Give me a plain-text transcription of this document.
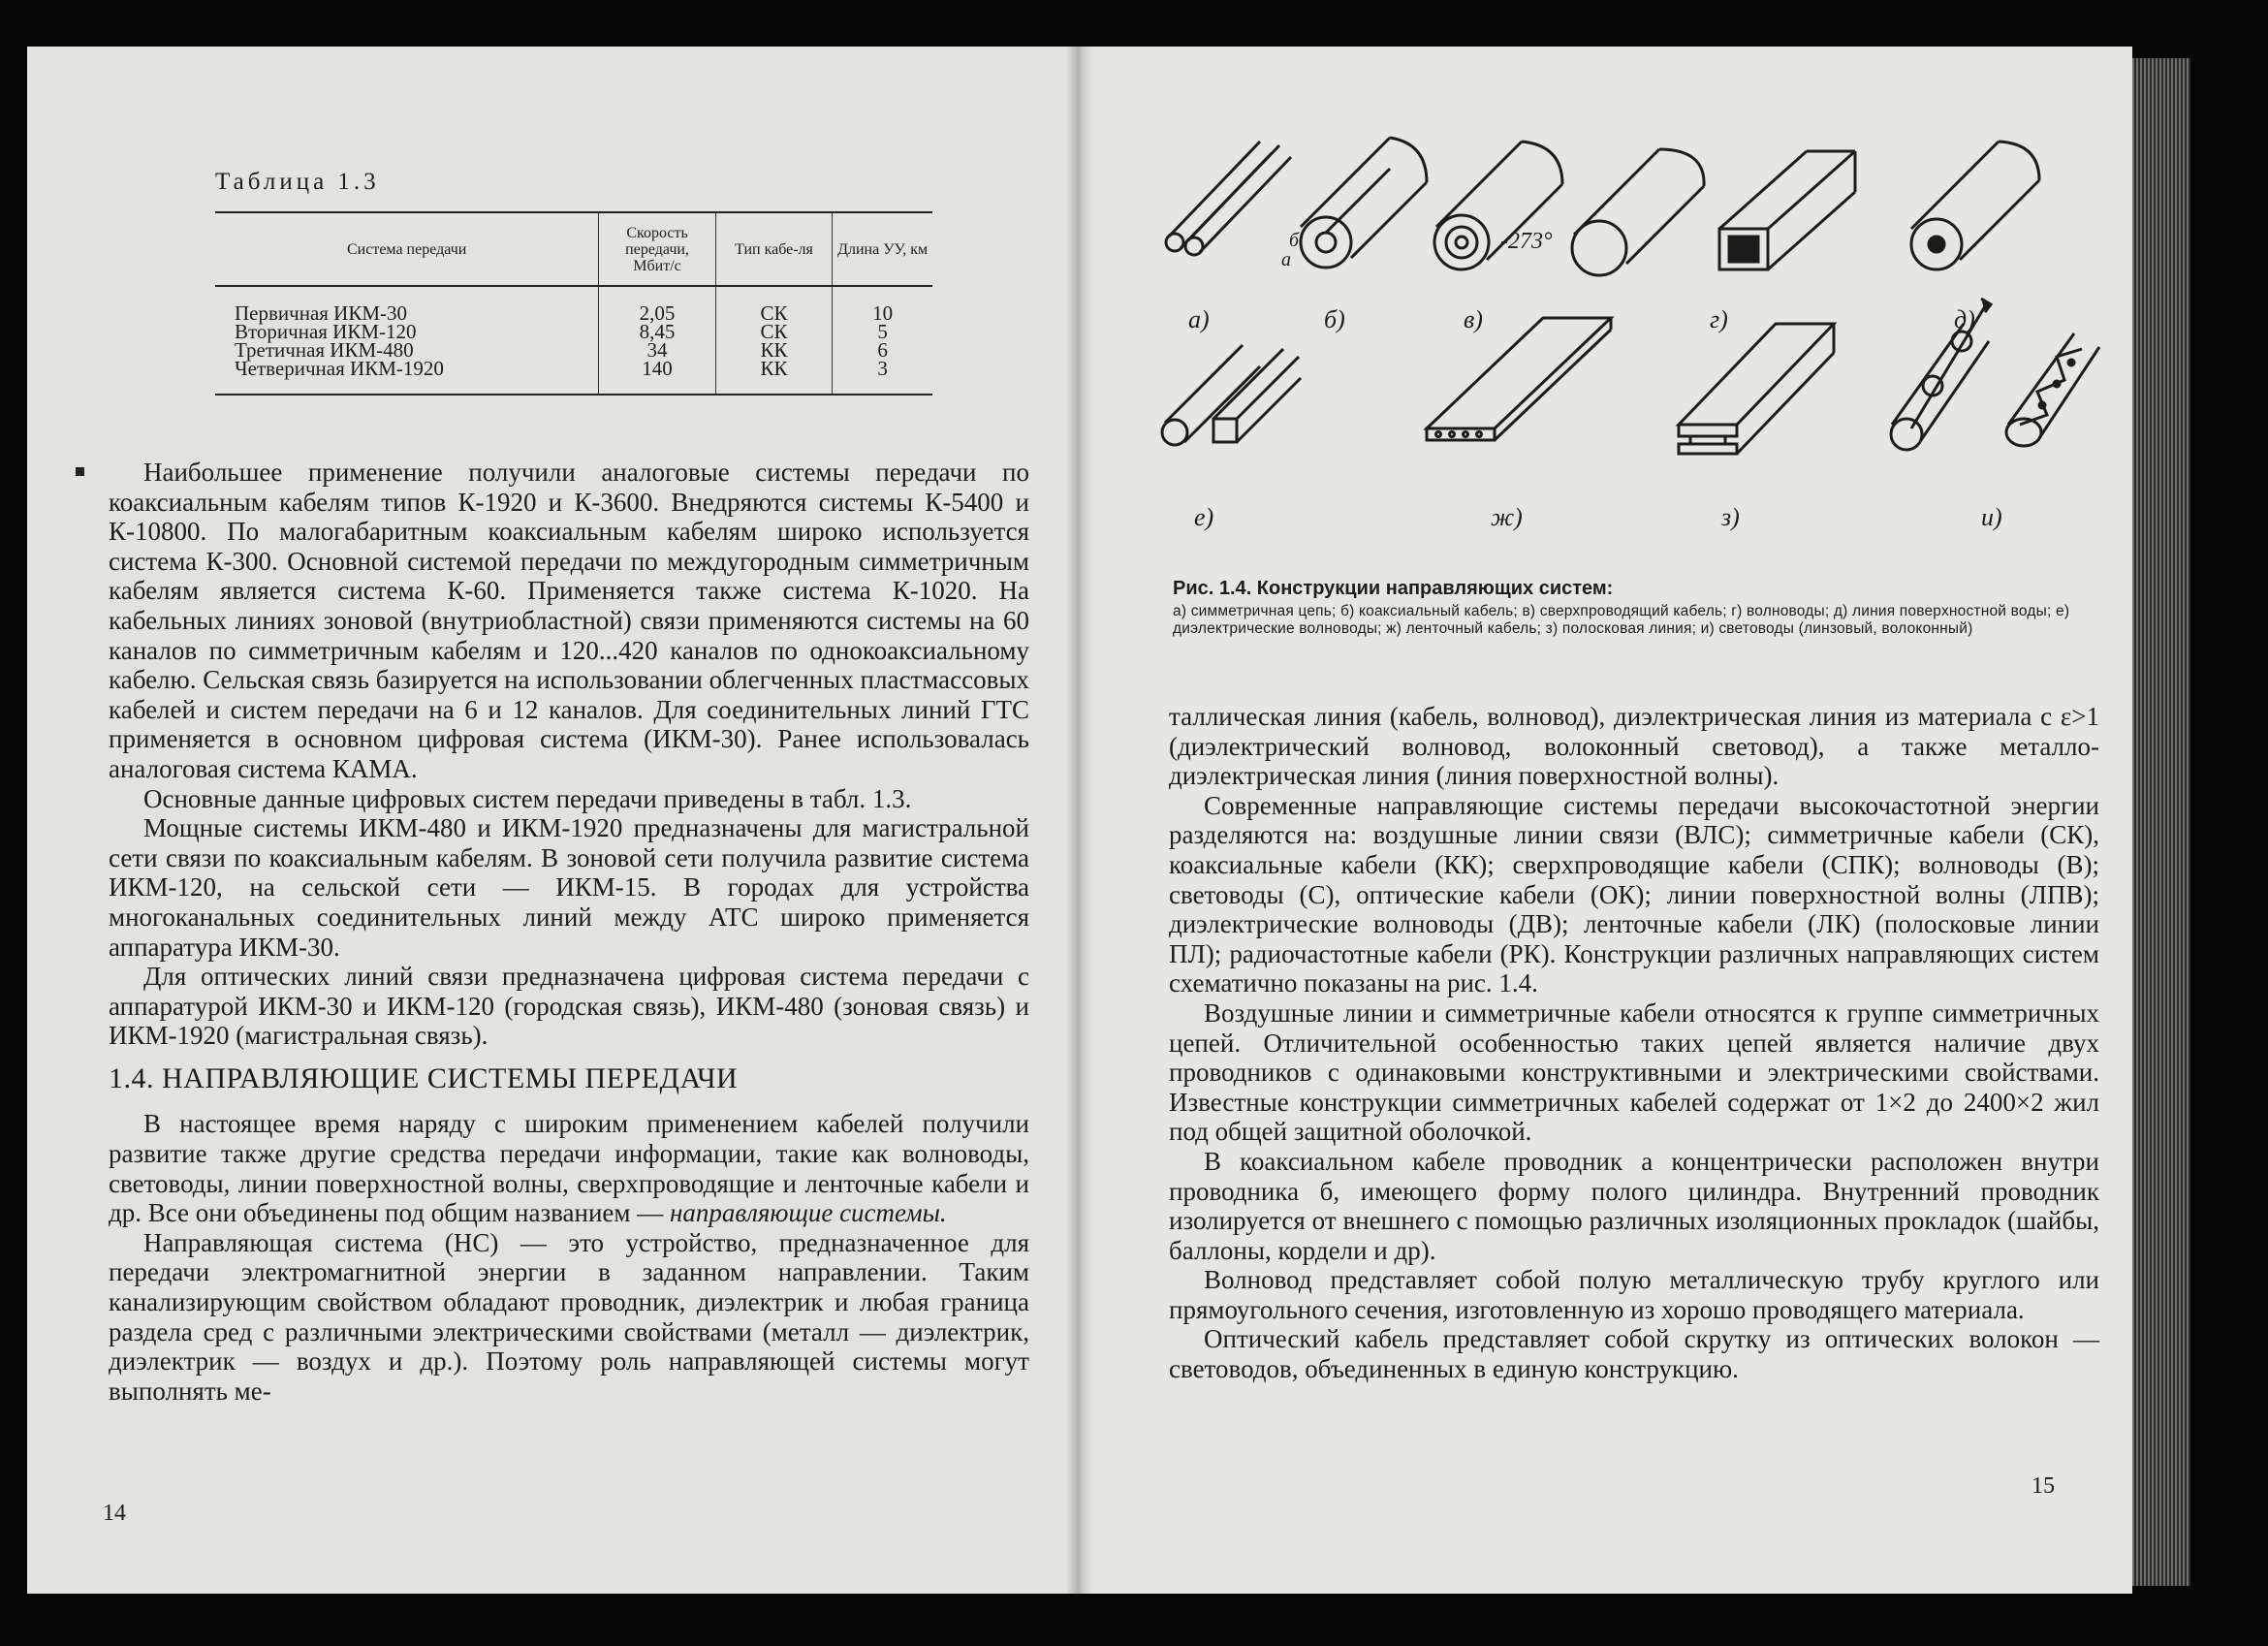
Таблица 1.3
Система передачи	Скорость передачи, Мбит/с	Тип кабе-ля	Длина УУ, км
Первичная ИКМ-30	2,05	СК	10
Вторичная ИКМ-120	8,45	СК	5
Третичная ИКМ-480	34	КК	6
Четверичная ИКМ-1920	140	КК	3

Наибольшее применение получили аналоговые системы передачи по коаксиальным кабелям типов К-1920 и К-3600. Внедряются системы К-5400 и К-10800. По малогабаритным коаксиальным кабелям широко используется система К-300. Основной системой передачи по междугородным симметричным кабелям является система К-60. Применяется также система К-1020. На кабельных линиях зоновой (внутриобластной) связи применяются системы на 60 каналов по симметричным кабелям и 120...420 каналов по однокоаксиальному кабелю. Сельская связь базируется на использовании облегченных пластмассовых кабелей и систем передачи на 6 и 12 каналов. Для соединительных линий ГТС применяется в основном цифровая система (ИКМ-30). Ранее использовалась аналоговая система КАМА.

Основные данные цифровых систем передачи приведены в табл. 1.3.

Мощные системы ИКМ-480 и ИКМ-1920 предназначены для магистральной сети связи по коаксиальным кабелям. В зоновой сети получила развитие система ИКМ-120, на сельской сети — ИКМ-15. В городах для устройства многоканальных соединительных линий между АТС широко применяется аппаратура ИКМ-30.

Для оптических линий связи предназначена цифровая система передачи с аппаратурой ИКМ-30 и ИКМ-120 (городская связь), ИКМ-480 (зоновая связь) и ИКМ-1920 (магистральная связь).

1.4. НАПРАВЛЯЮЩИЕ СИСТЕМЫ ПЕРЕДАЧИ

В настоящее время наряду с широким применением кабелей получили развитие также другие средства передачи информации, такие как волноводы, световоды, линии поверхностной волны, сверхпроводящие и ленточные кабели и др. Все они объединены под общим названием — направляющие системы.

Направляющая система (НС) — это устройство, предназначенное для передачи электромагнитной энергии в заданном направлении. Таким канализирующим свойством обладают проводник, диэлектрик и любая граница раздела сред с различными электрическими свойствами (металл — диэлектрик, диэлектрик — воздух и др.). Поэтому роль направляющей системы могут выполнять ме-

14
а)	б)	в)	г)	д)
е)	ж)	з)	и)
б
а
-273°
Рис. 1.4. Конструкции направляющих систем:
а) симметричная цепь; б) коаксиальный кабель; в) сверхпроводящий кабель; г) волноводы; д) линия поверхностной воды; е) диэлектрические волноводы; ж) ленточный кабель; з) полосковая линия; и) световоды (линзовый, волоконный)

таллическая линия (кабель, волновод), диэлектрическая линия из материала с ε>1 (диэлектрический волновод, волоконный световод), а также металло-диэлектрическая линия (линия поверхностной волны).

Современные направляющие системы передачи высокочастотной энергии разделяются на: воздушные линии связи (ВЛС); симметричные кабели (СК), коаксиальные кабели (КК); сверхпроводящие кабели (СПК); волноводы (В); световоды (С), оптические кабели (ОК); линии поверхностной волны (ЛПВ); диэлектрические волноводы (ДВ); ленточные кабели (ЛК) (полосковые линии ПЛ); радиочастотные кабели (РК). Конструкции различных направляющих систем схематично показаны на рис. 1.4.

Воздушные линии и симметричные кабели относятся к группе симметричных цепей. Отличительной особенностью таких цепей является наличие двух проводников с одинаковыми конструктивными и электрическими свойствами. Известные конструкции симметричных кабелей содержат от 1×2 до 2400×2 жил под общей защитной оболочкой.

В коаксиальном кабеле проводник а концентрически расположен внутри проводника б, имеющего форму полого цилиндра. Внутренний проводник изолируется от внешнего с помощью различных изоляционных прокладок (шайбы, баллоны, кордели и др).

Волновод представляет собой полую металлическую трубу круглого или прямоугольного сечения, изготовленную из хорошо проводящего материала.

Оптический кабель представляет собой скрутку из оптических волокон — световодов, объединенных в единую конструкцию.

15
